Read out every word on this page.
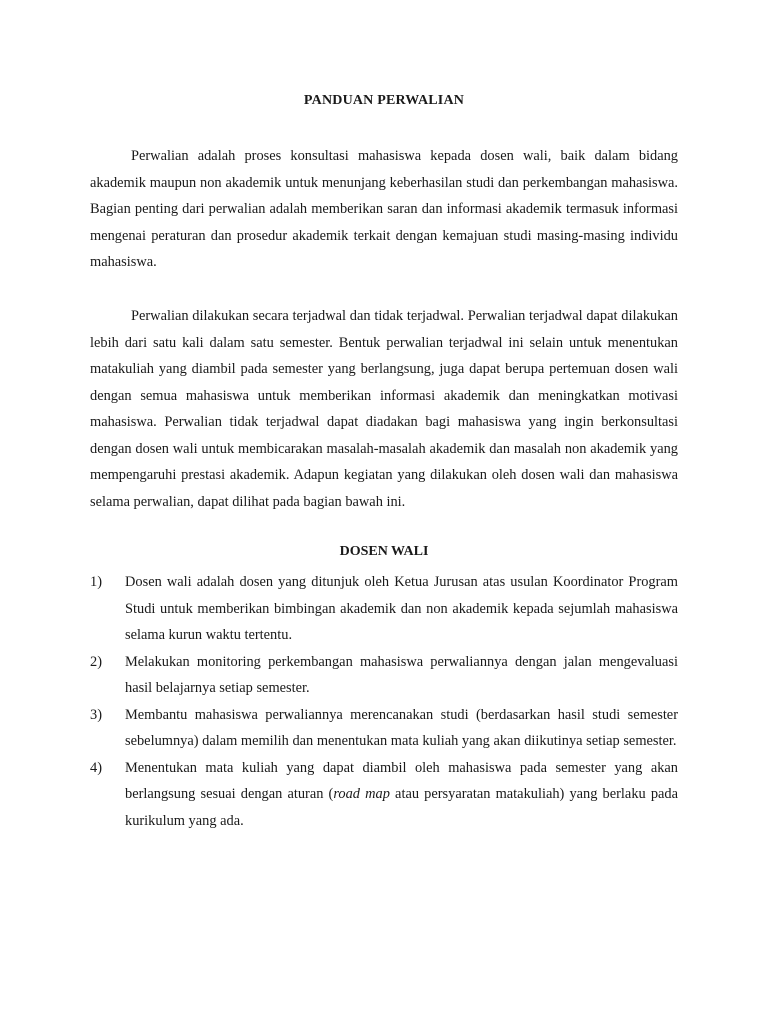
PANDUAN PERWALIAN

Perwalian adalah proses konsultasi mahasiswa kepada dosen wali, baik dalam bidang akademik maupun non akademik untuk menunjang keberhasilan studi dan perkembangan mahasiswa. Bagian penting dari perwalian adalah memberikan saran dan informasi akademik termasuk informasi mengenai peraturan dan prosedur akademik terkait dengan kemajuan studi masing-masing individu mahasiswa.

Perwalian dilakukan secara terjadwal dan tidak terjadwal. Perwalian terjadwal dapat dilakukan lebih dari satu kali dalam satu semester. Bentuk perwalian terjadwal ini selain untuk menentukan matakuliah yang diambil pada semester yang berlangsung, juga dapat berupa pertemuan dosen wali dengan semua mahasiswa untuk memberikan informasi akademik dan meningkatkan motivasi mahasiswa. Perwalian tidak terjadwal dapat diadakan bagi mahasiswa yang ingin berkonsultasi dengan dosen wali untuk membicarakan masalah-masalah akademik dan masalah non akademik yang mempengaruhi prestasi akademik. Adapun kegiatan yang dilakukan oleh dosen wali dan mahasiswa selama perwalian, dapat dilihat pada bagian bawah ini.

DOSEN WALI
1) Dosen wali adalah dosen yang ditunjuk oleh Ketua Jurusan atas usulan Koordinator Program Studi untuk memberikan bimbingan akademik dan non akademik kepada sejumlah mahasiswa selama kurun waktu tertentu.
2) Melakukan monitoring perkembangan mahasiswa perwaliannya dengan jalan mengevaluasi hasil belajarnya setiap semester.
3) Membantu mahasiswa perwaliannya merencanakan studi (berdasarkan hasil studi semester sebelumnya) dalam memilih dan menentukan mata kuliah yang akan diikutinya setiap semester.
4) Menentukan mata kuliah yang dapat diambil oleh mahasiswa pada semester yang akan berlangsung sesuai dengan aturan (road map atau persyaratan matakuliah) yang berlaku pada kurikulum yang ada.
